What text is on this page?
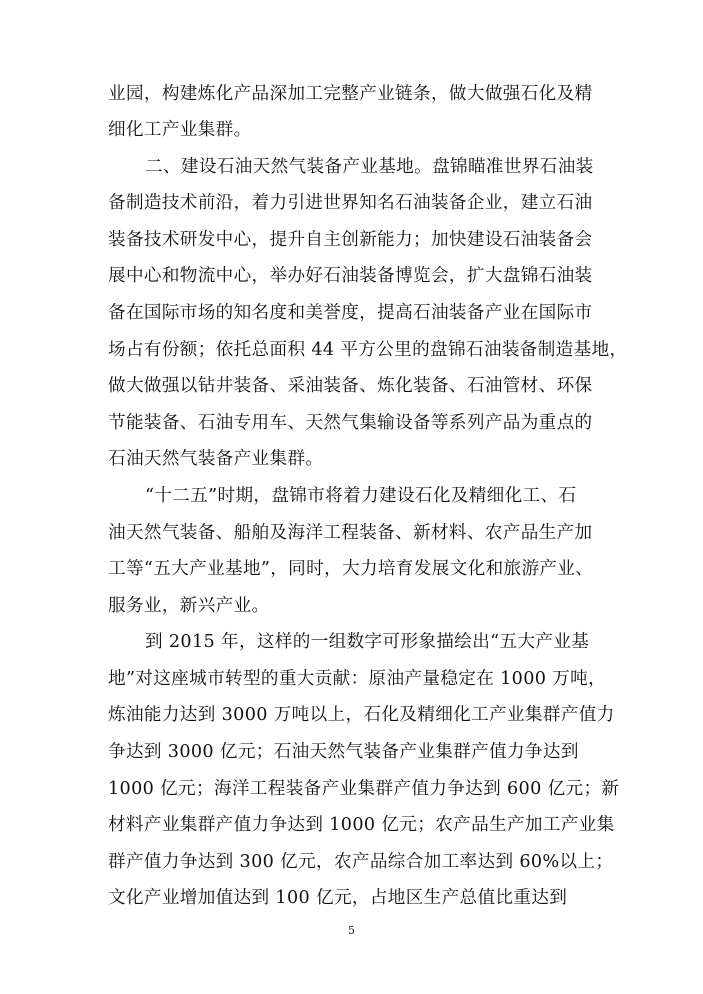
业园，构建炼化产品深加工完整产业链条，做大做强石化及精
细化工产业集群。
二、建设石油天然气装备产业基地。盘锦瞄准世界石油装
备制造技术前沿，着力引进世界知名石油装备企业，建立石油
装备技术研发中心，提升自主创新能力；加快建设石油装备会
展中心和物流中心，举办好石油装备博览会，扩大盘锦石油装
备在国际市场的知名度和美誉度，提高石油装备产业在国际市
场占有份额；依托总面积 44 平方公里的盘锦石油装备制造基地，
做大做强以钻井装备、采油装备、炼化装备、石油管材、环保
节能装备、石油专用车、天然气集输设备等系列产品为重点的
石油天然气装备产业集群。
“十二五”时期，盘锦市将着力建设石化及精细化工、石
油天然气装备、船舶及海洋工程装备、新材料、农产品生产加
工等“五大产业基地”，同时，大力培育发展文化和旅游产业、
服务业，新兴产业。
到 2015 年，这样的一组数字可形象描绘出“五大产业基
地”对这座城市转型的重大贡献：原油产量稳定在 1000 万吨，
炼油能力达到 3000 万吨以上，石化及精细化工产业集群产值力
争达到 3000 亿元；石油天然气装备产业集群产值力争达到
1000 亿元；海洋工程装备产业集群产值力争达到 600 亿元；新
材料产业集群产值力争达到 1000 亿元；农产品生产加工产业集
群产值力争达到 300 亿元，农产品综合加工率达到 60%以上；
文化产业增加值达到 100 亿元，占地区生产总值比重达到
5
